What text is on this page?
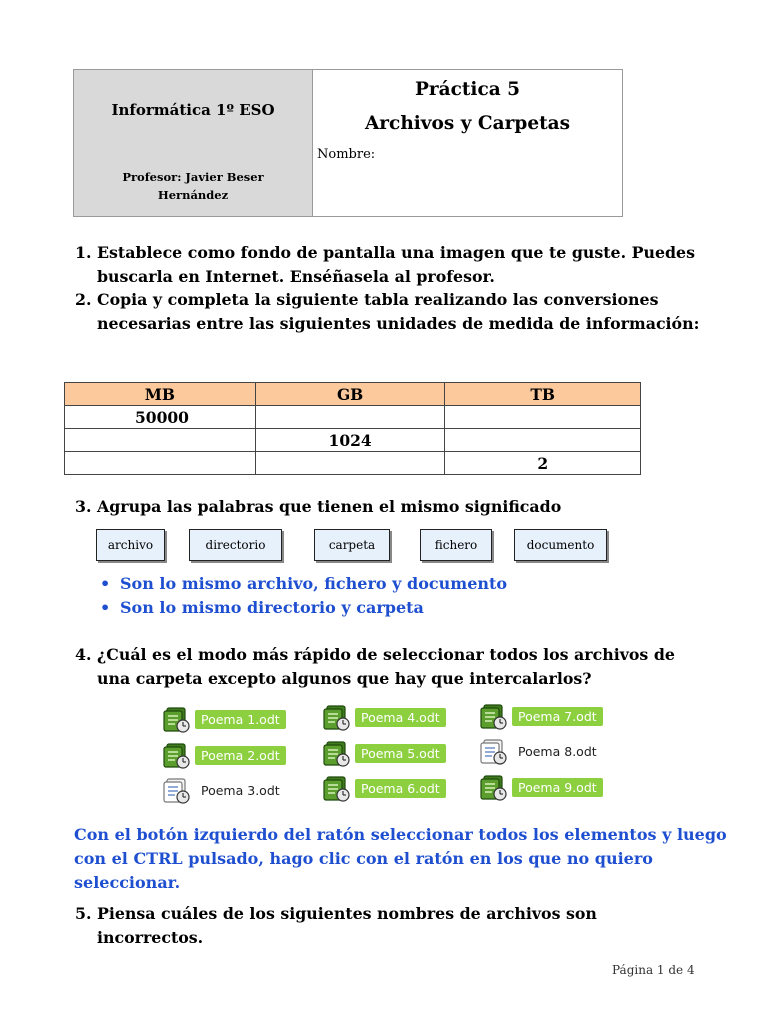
Informática 1º ESO
Profesor: Javier Beser Hernández
Práctica 5
Archivos y Carpetas
Nombre:
1. Establece como fondo de pantalla una imagen que te guste. Puedes buscarla en Internet. Enséñasela al profesor.
2. Copia y completa la siguiente tabla realizando las conversiones necesarias entre las siguientes unidades de medida de información:
MB	GB	TB
50000		
	1024	
		2
3. Agrupa las palabras que tienen el mismo significado
archivo	directorio	carpeta	fichero	documento
• Son lo mismo archivo, fichero y documento
• Son lo mismo directorio y carpeta
4. ¿Cuál es el modo más rápido de seleccionar todos los archivos de una carpeta excepto algunos que hay que intercalarlos?
Poema 1.odt
Poema 2.odt
Poema 3.odt
Poema 4.odt
Poema 5.odt
Poema 6.odt
Poema 7.odt
Poema 8.odt
Poema 9.odt
Con el botón izquierdo del ratón seleccionar todos los elementos y luego con el CTRL pulsado, hago clic con el ratón en los que no quiero seleccionar.
5. Piensa cuáles de los siguientes nombres de archivos son incorrectos.
Página 1 de 4
